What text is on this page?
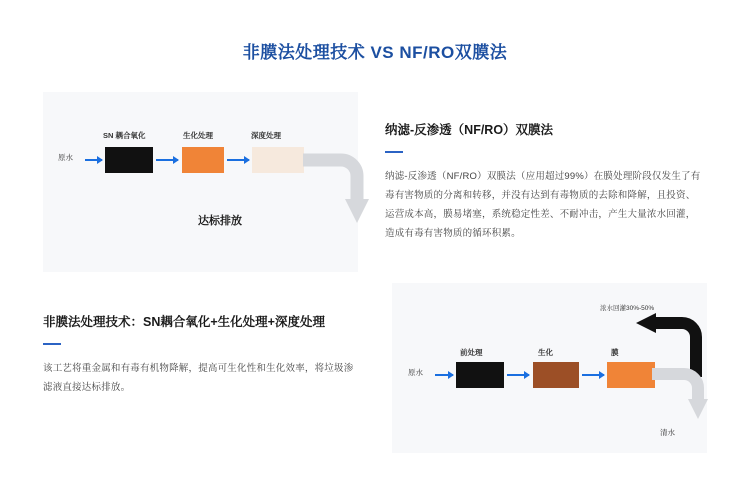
非膜法处理技术 VS NF/RO双膜法
SN 耦合氧化	生化处理	深度处理
原水
达标排放
纳滤-反渗透（NF/RO）双膜法
纳滤-反渗透（NF/RO）双膜法（应用超过99%）在膜处理阶段仅发生了有毒有害物质的分离和转移，并没有达到有毒物质的去除和降解，且投资、运营成本高，膜易堵塞，系统稳定性差、不耐冲击，产生大量浓水回灌，造成有毒有害物质的循环积累。
非膜法处理技术：SN耦合氧化+生化处理+深度处理
该工艺将重金属和有毒有机物降解，提高可生化性和生化效率，将垃圾渗滤液直接达标排放。
浓水回灌30%-50%
前处理	生化	膜
原水
清水
